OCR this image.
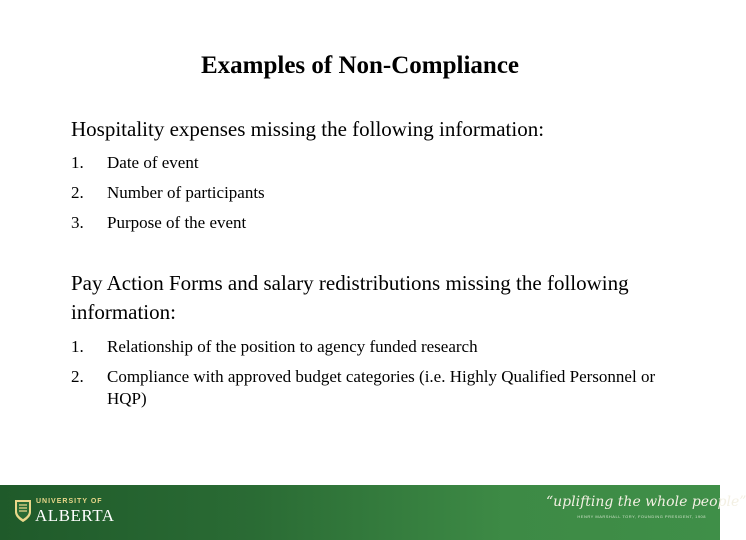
Examples of Non-Compliance
Hospitality expenses missing the following information:
1.	Date of event
2.	Number of participants
3.	Purpose of the event
Pay Action Forms and salary redistributions missing the following information:
1.	Relationship of the position to agency funded research
2.	Compliance with approved budget categories (i.e. Highly Qualified Personnel or HQP)
UNIVERSITY OF
ALBERTA
“uplifting the whole people”
HENRY MARSHALL TORY, FOUNDING PRESIDENT, 1908
